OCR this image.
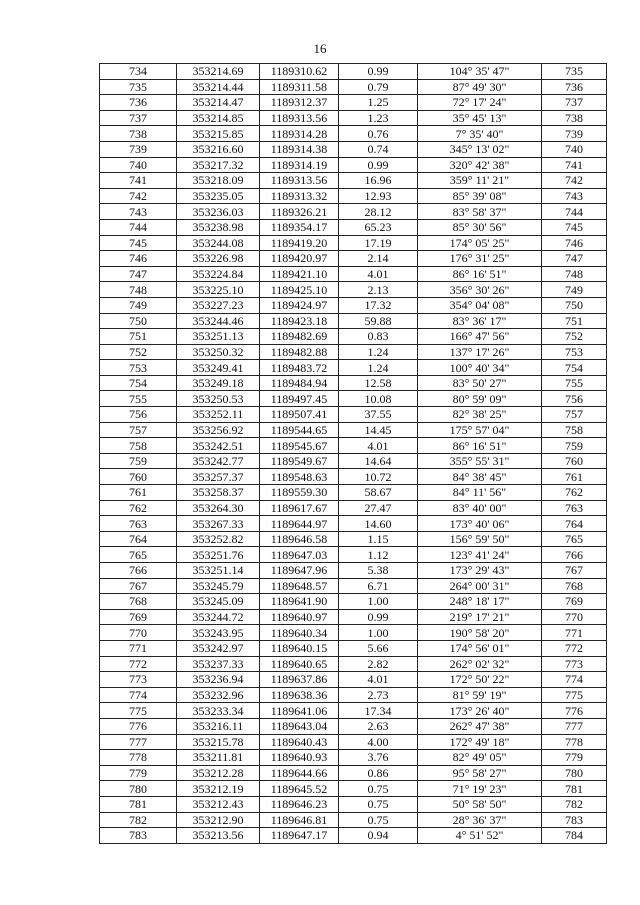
16
734	353214.69	1189310.62	0.99	104° 35' 47"	735
735	353214.44	1189311.58	0.79	87° 49' 30"	736
736	353214.47	1189312.37	1.25	72° 17' 24"	737
737	353214.85	1189313.56	1.23	35° 45' 13"	738
738	353215.85	1189314.28	0.76	7° 35' 40"	739
739	353216.60	1189314.38	0.74	345° 13' 02"	740
740	353217.32	1189314.19	0.99	320° 42' 38"	741
741	353218.09	1189313.56	16.96	359° 11' 21"	742
742	353235.05	1189313.32	12.93	85° 39' 08"	743
743	353236.03	1189326.21	28.12	83° 58' 37"	744
744	353238.98	1189354.17	65.23	85° 30' 56"	745
745	353244.08	1189419.20	17.19	174° 05' 25"	746
746	353226.98	1189420.97	2.14	176° 31' 25"	747
747	353224.84	1189421.10	4.01	86° 16' 51"	748
748	353225.10	1189425.10	2.13	356° 30' 26"	749
749	353227.23	1189424.97	17.32	354° 04' 08"	750
750	353244.46	1189423.18	59.88	83° 36' 17"	751
751	353251.13	1189482.69	0.83	166° 47' 56"	752
752	353250.32	1189482.88	1.24	137° 17' 26"	753
753	353249.41	1189483.72	1.24	100° 40' 34"	754
754	353249.18	1189484.94	12.58	83° 50' 27"	755
755	353250.53	1189497.45	10.08	80° 59' 09"	756
756	353252.11	1189507.41	37.55	82° 38' 25"	757
757	353256.92	1189544.65	14.45	175° 57' 04"	758
758	353242.51	1189545.67	4.01	86° 16' 51"	759
759	353242.77	1189549.67	14.64	355° 55' 31"	760
760	353257.37	1189548.63	10.72	84° 38' 45"	761
761	353258.37	1189559.30	58.67	84° 11' 56"	762
762	353264.30	1189617.67	27.47	83° 40' 00"	763
763	353267.33	1189644.97	14.60	173° 40' 06"	764
764	353252.82	1189646.58	1.15	156° 59' 50"	765
765	353251.76	1189647.03	1.12	123° 41' 24"	766
766	353251.14	1189647.96	5.38	173° 29' 43"	767
767	353245.79	1189648.57	6.71	264° 00' 31"	768
768	353245.09	1189641.90	1.00	248° 18' 17"	769
769	353244.72	1189640.97	0.99	219° 17' 21"	770
770	353243.95	1189640.34	1.00	190° 58' 20"	771
771	353242.97	1189640.15	5.66	174° 56' 01"	772
772	353237.33	1189640.65	2.82	262° 02' 32"	773
773	353236.94	1189637.86	4.01	172° 50' 22"	774
774	353232.96	1189638.36	2.73	81° 59' 19"	775
775	353233.34	1189641.06	17.34	173° 26' 40"	776
776	353216.11	1189643.04	2.63	262° 47' 38"	777
777	353215.78	1189640.43	4.00	172° 49' 18"	778
778	353211.81	1189640.93	3.76	82° 49' 05"	779
779	353212.28	1189644.66	0.86	95° 58' 27"	780
780	353212.19	1189645.52	0.75	71° 19' 23"	781
781	353212.43	1189646.23	0.75	50° 58' 50"	782
782	353212.90	1189646.81	0.75	28° 36' 37"	783
783	353213.56	1189647.17	0.94	4° 51' 52"	784
